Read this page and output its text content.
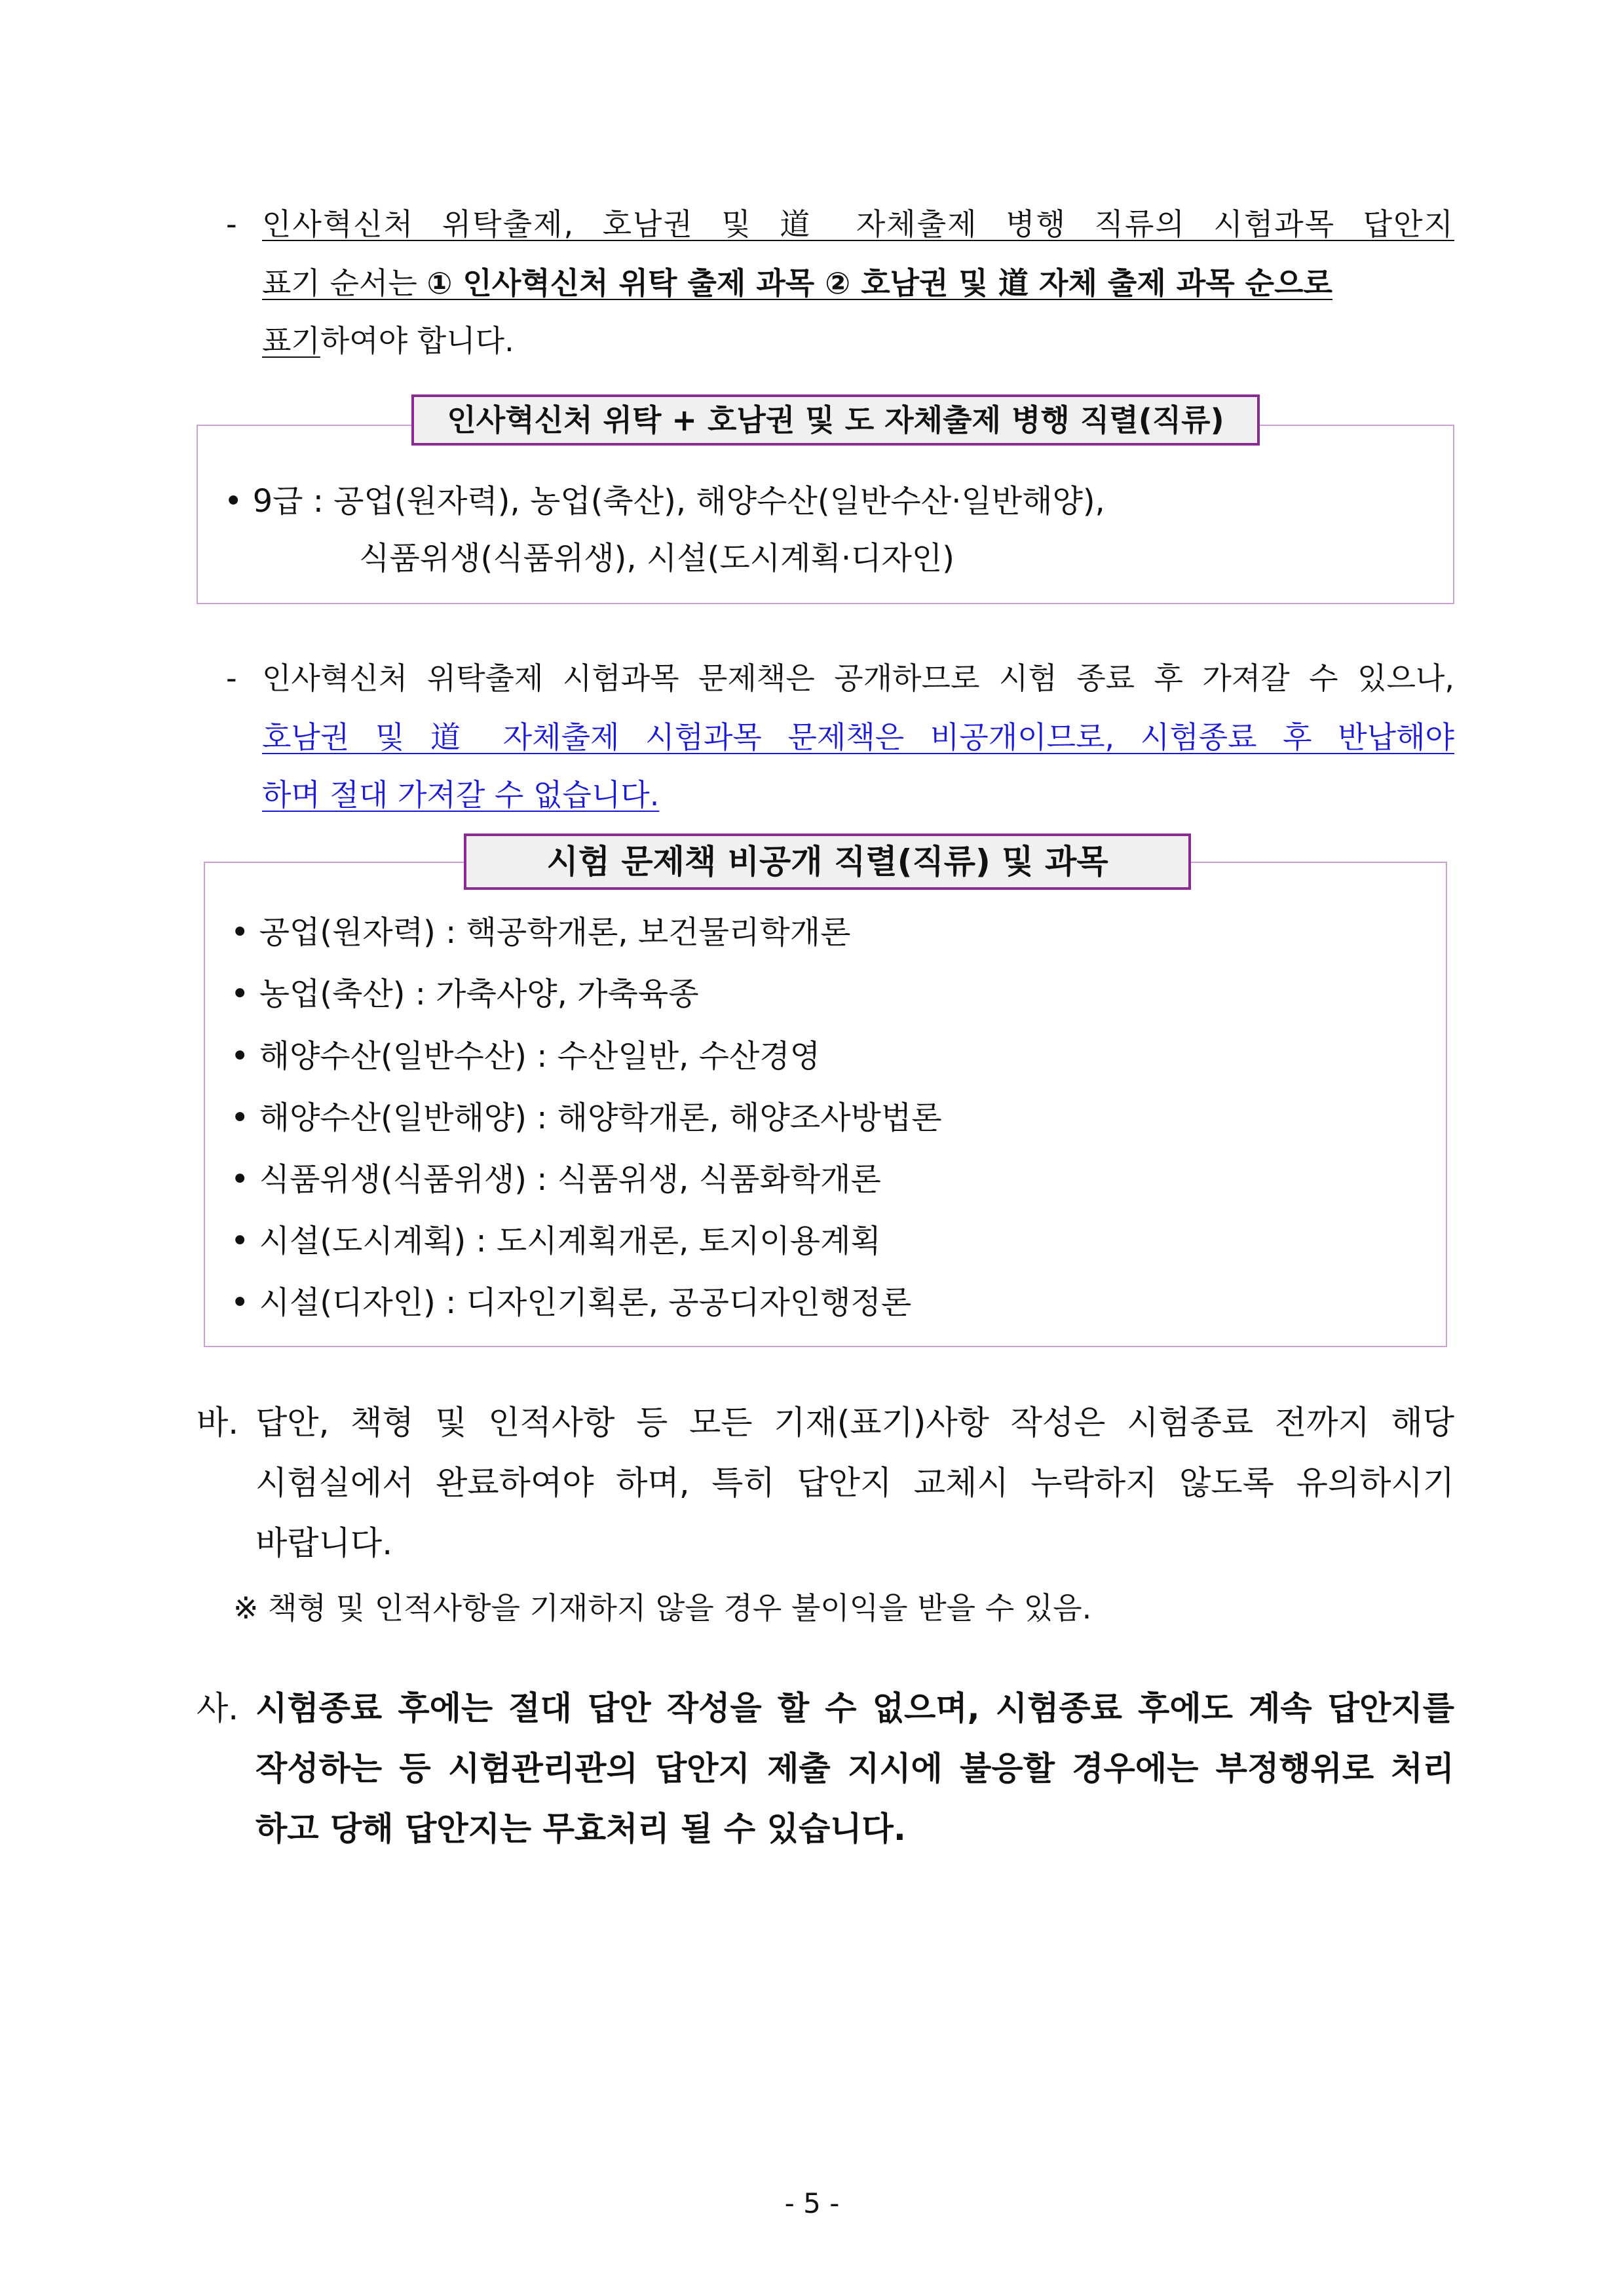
- 인사혁신처 위탁출제, 호남권 및 道 자체출제 병행 직류의 시험과목 답안지
표기 순서는 ① 인사혁신처 위탁 출제 과목 ② 호남권 및 道 자체 출제 과목 순으로
표기하여야 합니다.
인사혁신처 위탁 + 호남권 및 도 자체출제 병행 직렬(직류)
• 9급 : 공업(원자력), 농업(축산), 해양수산(일반수산·일반해양),
식품위생(식품위생), 시설(도시계획·디자인)
- 인사혁신처 위탁출제 시험과목 문제책은 공개하므로 시험 종료 후 가져갈 수 있으나,
호남권 및 道 자체출제 시험과목 문제책은 비공개이므로, 시험종료 후 반납해야
하며 절대 가져갈 수 없습니다.
시험 문제책 비공개 직렬(직류) 및 과목
• 공업(원자력) : 핵공학개론, 보건물리학개론
• 농업(축산) : 가축사양, 가축육종
• 해양수산(일반수산) : 수산일반, 수산경영
• 해양수산(일반해양) : 해양학개론, 해양조사방법론
• 식품위생(식품위생) : 식품위생, 식품화학개론
• 시설(도시계획) : 도시계획개론, 토지이용계획
• 시설(디자인) : 디자인기획론, 공공디자인행정론
바. 답안, 책형 및 인적사항 등 모든 기재(표기)사항 작성은 시험종료 전까지 해당
시험실에서 완료하여야 하며, 특히 답안지 교체시 누락하지 않도록 유의하시기
바랍니다.
※ 책형 및 인적사항을 기재하지 않을 경우 불이익을 받을 수 있음.
사. 시험종료 후에는 절대 답안 작성을 할 수 없으며, 시험종료 후에도 계속 답안지를
작성하는 등 시험관리관의 답안지 제출 지시에 불응할 경우에는 부정행위로 처리
하고 당해 답안지는 무효처리 될 수 있습니다.
- 5 -
